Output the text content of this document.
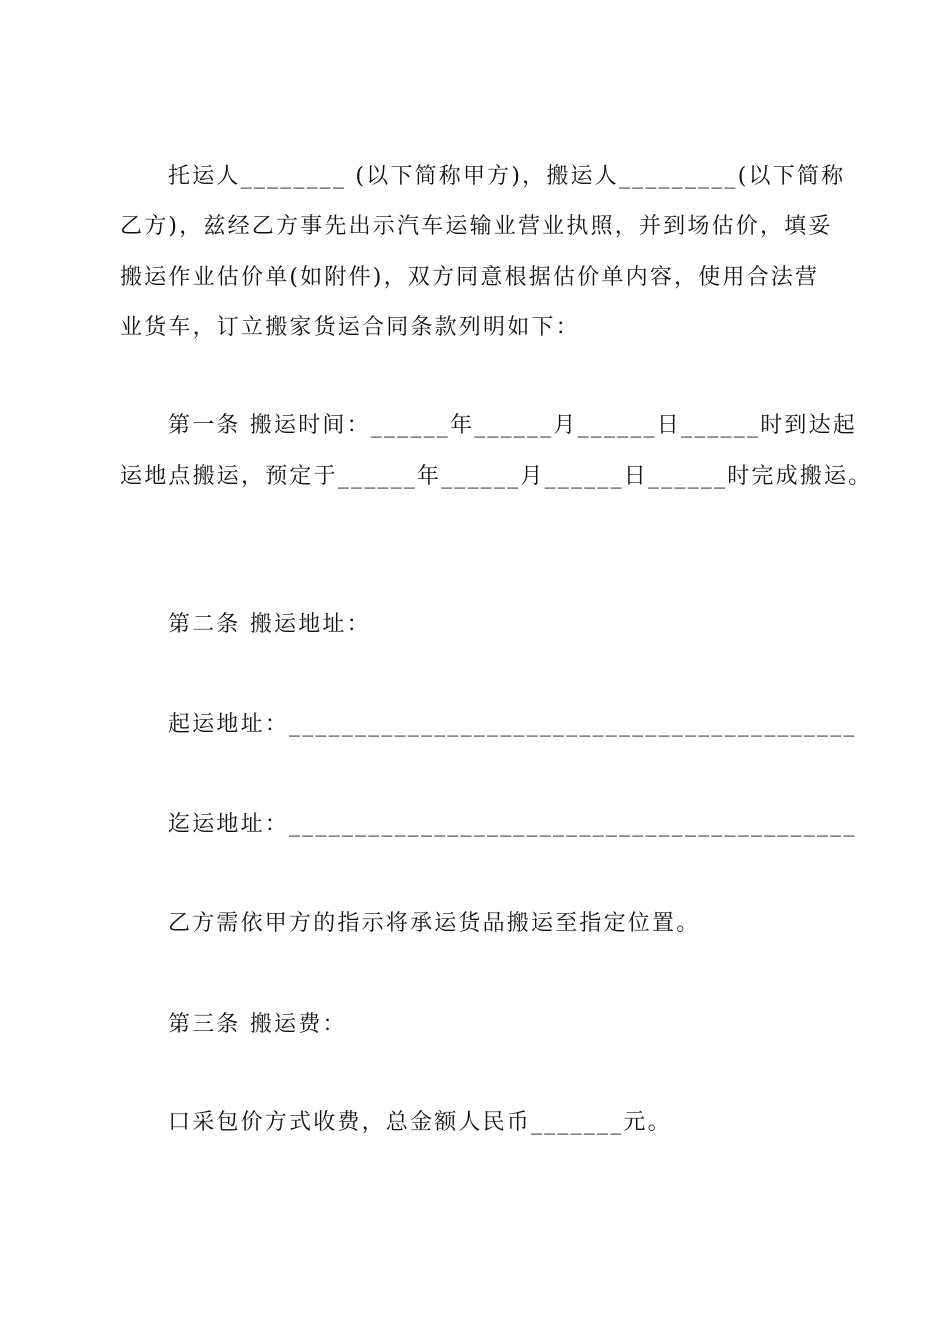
托运人________ (以下简称甲方)，搬运人_________(以下简称
乙方)，兹经乙方事先出示汽车运输业营业执照，并到场估价，填妥
搬运作业估价单(如附件)，双方同意根据估价单内容，使用合法营
业货车，订立搬家货运合同条款列明如下：
第一条 搬运时间：______年______月______日______时到达起
运地点搬运，预定于______年______月______日______时完成搬运。
第二条 搬运地址：
起运地址：___________________________________________
迄运地址：___________________________________________
乙方需依甲方的指示将承运货品搬运至指定位置。
第三条 搬运费：
口采包价方式收费，总金额人民币_______元。
